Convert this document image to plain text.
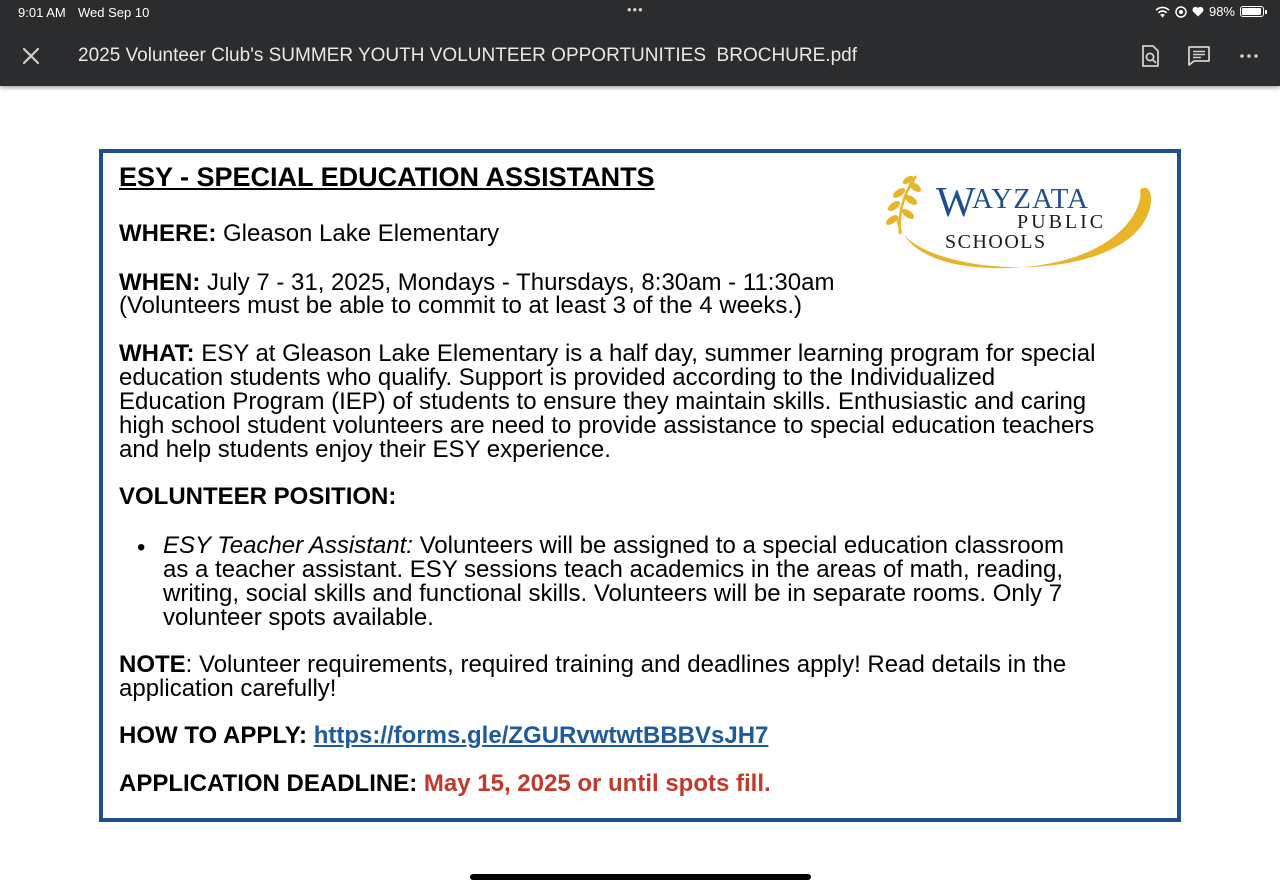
9:01 AM Wed Sep 10	•••	98%
2025 Volunteer Club's SUMMER YOUTH VOLUNTEER OPPORTUNITIES  BROCHURE.pdf
W
AYZATA
PUBLIC
SCHOOLS
ESY - SPECIAL EDUCATION ASSISTANTS
WHERE: Gleason Lake Elementary
WHEN: July 7 - 31, 2025, Mondays - Thursdays, 8:30am - 11:30am
(Volunteers must be able to commit to at least 3 of the 4 weeks.)
WHAT: ESY at Gleason Lake Elementary is a half day, summer learning program for special
education students who qualify. Support is provided according to the Individualized
Education Program (IEP) of students to ensure they maintain skills. Enthusiastic and caring
high school student volunteers are need to provide assistance to special education teachers
and help students enjoy their ESY experience.
VOLUNTEER POSITION:
• ESY Teacher Assistant: Volunteers will be assigned to a special education classroom
as a teacher assistant. ESY sessions teach academics in the areas of math, reading,
writing, social skills and functional skills. Volunteers will be in separate rooms. Only 7
volunteer spots available.
NOTE: Volunteer requirements, required training and deadlines apply! Read details in the
application carefully!
HOW TO APPLY: https://forms.gle/ZGURvwtwtBBBVsJH7
APPLICATION DEADLINE: May 15, 2025 or until spots fill.
